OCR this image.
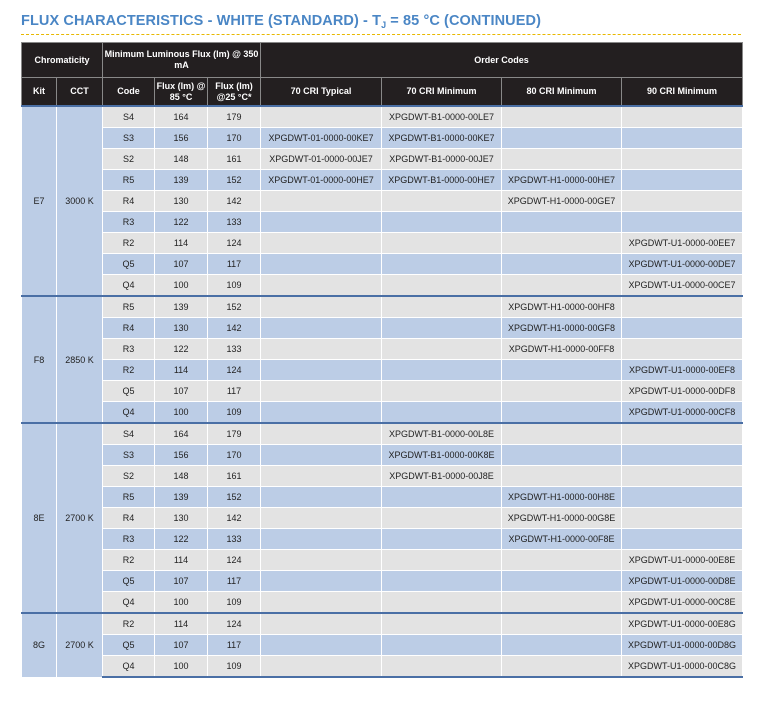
FLUX CHARACTERISTICS - WHITE (STANDARD) - $T_J = 85$ °C (CONTINUED)
Chromaticity		Minimum Luminous Flux (lm) @ 350 mA			Order Codes			
Kit	CCT	Code	Flux (lm) @ 85 °C	Flux (lm) @25 °C*	70 CRI Typical	70 CRI Minimum	80 CRI Minimum	90 CRI Minimum
E7	3000 K	S4	164	179		XPGDWT-B1-0000-00LE7		
		S3	156	170	XPGDWT-01-0000-00KE7	XPGDWT-B1-0000-00KE7		
		S2	148	161	XPGDWT-01-0000-00JE7	XPGDWT-B1-0000-00JE7		
		R5	139	152	XPGDWT-01-0000-00HE7	XPGDWT-B1-0000-00HE7	XPGDWT-H1-0000-00HE7	
		R4	130	142			XPGDWT-H1-0000-00GE7	
		R3	122	133				
		R2	114	124				XPGDWT-U1-0000-00EE7
		Q5	107	117				XPGDWT-U1-0000-00DE7
		Q4	100	109				XPGDWT-U1-0000-00CE7
F8	2850 K	R5	139	152			XPGDWT-H1-0000-00HF8	
		R4	130	142			XPGDWT-H1-0000-00GF8	
		R3	122	133			XPGDWT-H1-0000-00FF8	
		R2	114	124				XPGDWT-U1-0000-00EF8
		Q5	107	117				XPGDWT-U1-0000-00DF8
		Q4	100	109				XPGDWT-U1-0000-00CF8
8E	2700 K	S4	164	179		XPGDWT-B1-0000-00L8E		
		S3	156	170		XPGDWT-B1-0000-00K8E		
		S2	148	161		XPGDWT-B1-0000-00J8E		
		R5	139	152			XPGDWT-H1-0000-00H8E	
		R4	130	142			XPGDWT-H1-0000-00G8E	
		R3	122	133			XPGDWT-H1-0000-00F8E	
		R2	114	124				XPGDWT-U1-0000-00E8E
		Q5	107	117				XPGDWT-U1-0000-00D8E
		Q4	100	109				XPGDWT-U1-0000-00C8E
8G	2700 K	R2	114	124				XPGDWT-U1-0000-00E8G
		Q5	107	117				XPGDWT-U1-0000-00D8G
		Q4	100	109				XPGDWT-U1-0000-00C8G
